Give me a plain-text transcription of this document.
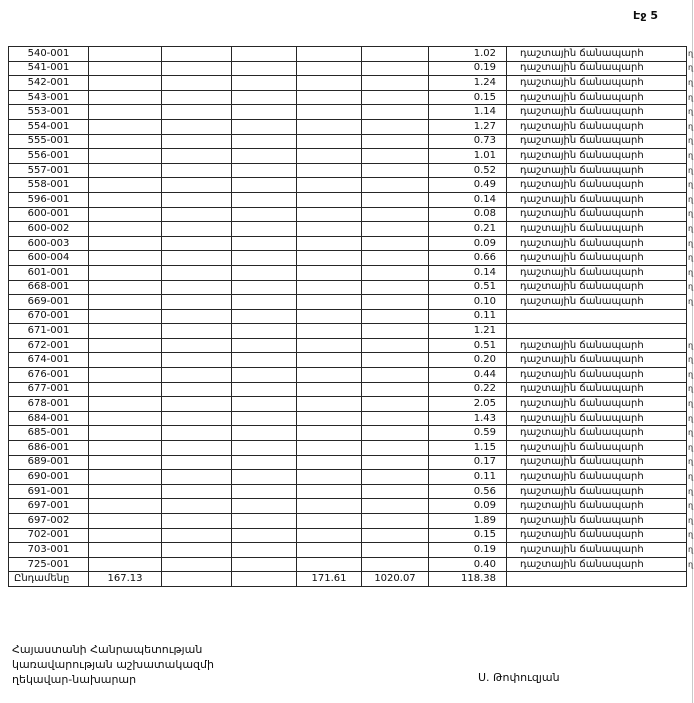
Էջ 5
540-001						1.02	դաշտային ճանապարհ	ղ
541-001						0.19	դաշտային ճանապարհ	ղ
542-001						1.24	դաշտային ճանապարհ	ղ
543-001						0.15	դաշտային ճանապարհ	ղ
553-001						1.14	դաշտային ճանապարհ	ղ
554-001						1.27	դաշտային ճանապարհ	ղ
555-001						0.73	դաշտային ճանապարհ	ղ
556-001						1.01	դաշտային ճանապարհ	ղ
557-001						0.52	դաշտային ճանապարհ	ղ
558-001						0.49	դաշտային ճանապարհ	ղ
596-001						0.14	դաշտային ճանապարհ	ղ
600-001						0.08	դաշտային ճանապարհ	ղ
600-002						0.21	դաշտային ճանապարհ	ղ
600-003						0.09	դաշտային ճանապարհ	ղ
600-004						0.66	դաշտային ճանապարհ	ղ
601-001						0.14	դաշտային ճանապարհ	ղ
668-001						0.51	դաշտային ճանապարհ	ղ
669-001						0.10	դաշտային ճանապարհ	ղ
670-001						0.11		
671-001						1.21		
672-001						0.51	դաշտային ճանապարհ	ղ
674-001						0.20	դաշտային ճանապարհ	ղ
676-001						0.44	դաշտային ճանապարհ	ղ
677-001						0.22	դաշտային ճանապարհ	ղ
678-001						2.05	դաշտային ճանապարհ	ղ
684-001						1.43	դաշտային ճանապարհ	ղ
685-001						0.59	դաշտային ճանապարհ	ղ
686-001						1.15	դաշտային ճանապարհ	ղ
689-001						0.17	դաշտային ճանապարհ	ղ
690-001						0.11	դաշտային ճանապարհ	ղ
691-001						0.56	դաշտային ճանապարհ	ղ
697-001						0.09	դաշտային ճանապարհ	ղ
697-002						1.89	դաշտային ճանապարհ	ղ
702-001						0.15	դաշտային ճանապարհ	ղ
703-001						0.19	դաշտային ճանապարհ	ղ
725-001						0.40	դաշտային ճանապարհ	ղ
Ընդամենը	167.13			171.61	1020.07	118.38		
Հայաստանի Հանրապետության
կառավարության աշխատակազմի
ղեկավար-նախարար	Ս. Թոփուզյան
